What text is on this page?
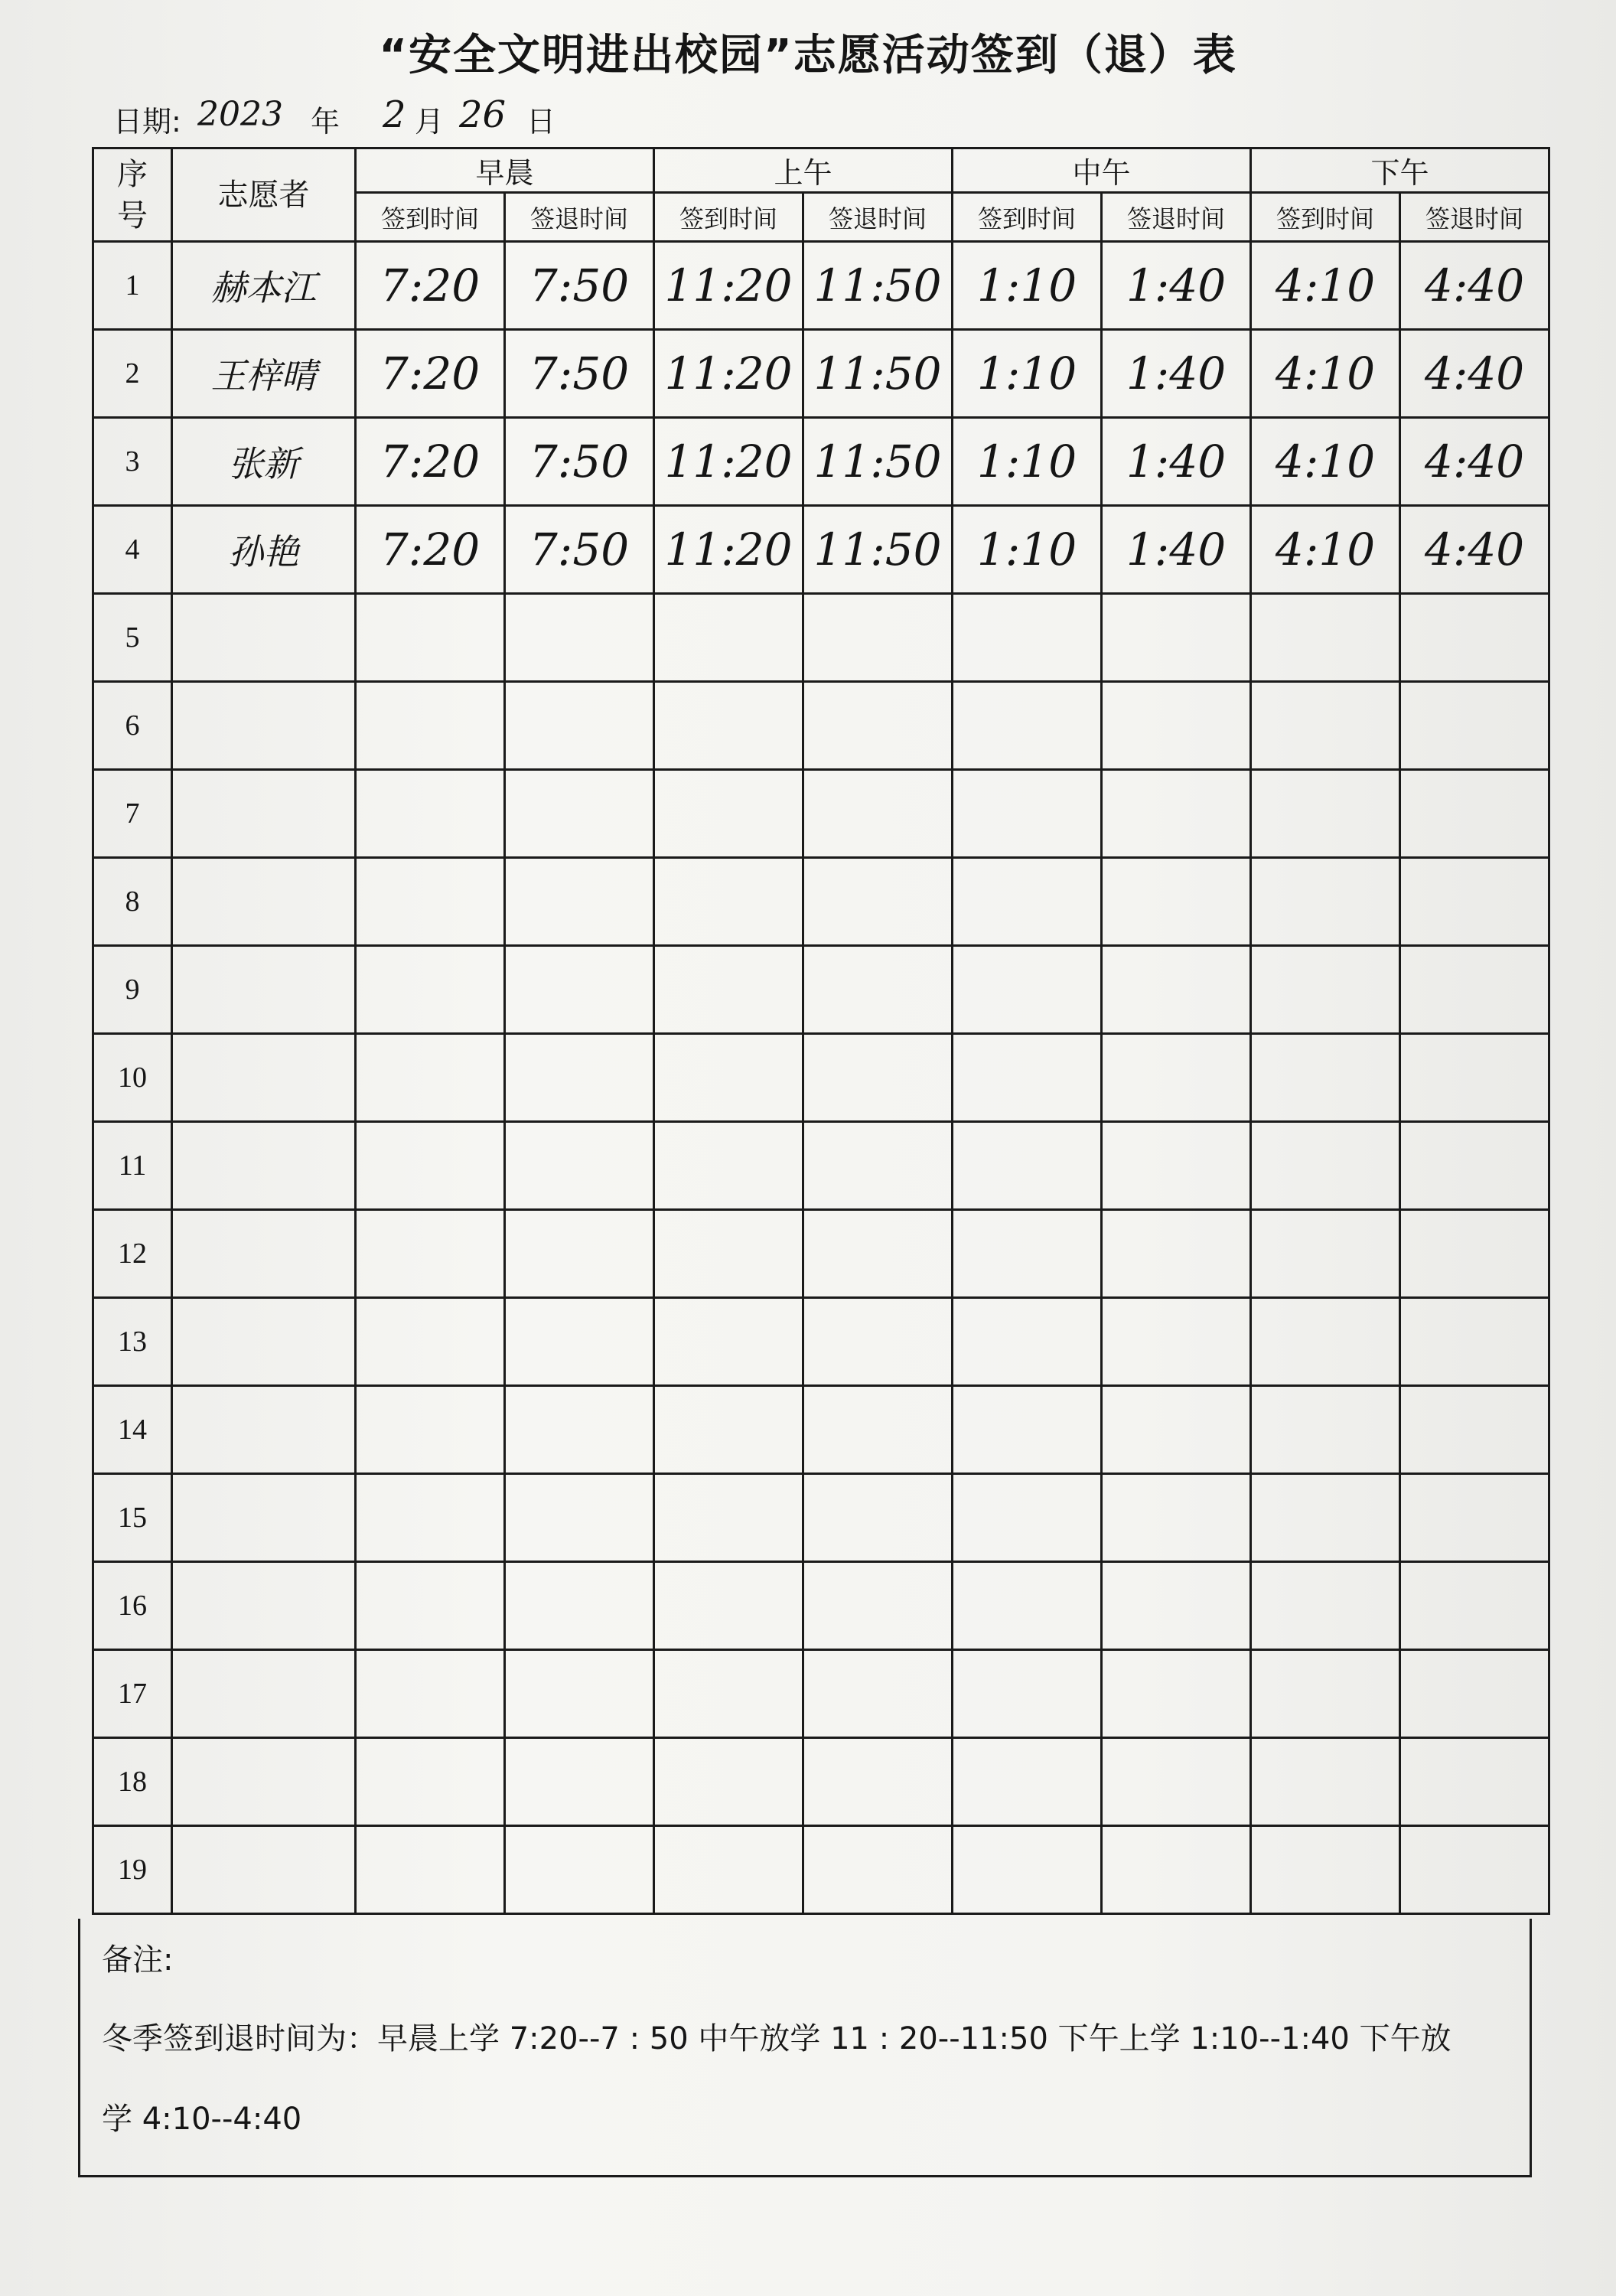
“安全文明进出校园”志愿活动签到（退）表
日期: 2023 年 2 月 26 日
序号	志愿者	早晨		上午		中午		下午	
		签到时间	签退时间	签到时间	签退时间	签到时间	签退时间	签到时间	签退时间
1	赫本江	7:20	7:50	11:20	11:50	1:10	1:40	4:10	4:40
2	王梓晴	7:20	7:50	11:20	11:50	1:10	1:40	4:10	4:40
3	张新	7:20	7:50	11:20	11:50	1:10	1:40	4:10	4:40
4	孙艳	7:20	7:50	11:20	11:50	1:10	1:40	4:10	4:40
5									
6									
7									
8									
9									
10									
11									
12									
13									
14									
15									
16									
17									
18									
19									
备注:
冬季签到退时间为：早晨上学 7:20--7 : 50 中午放学 11 : 20--11:50 下午上学 1:10--1:40 下午放
学 4:10--4:40
